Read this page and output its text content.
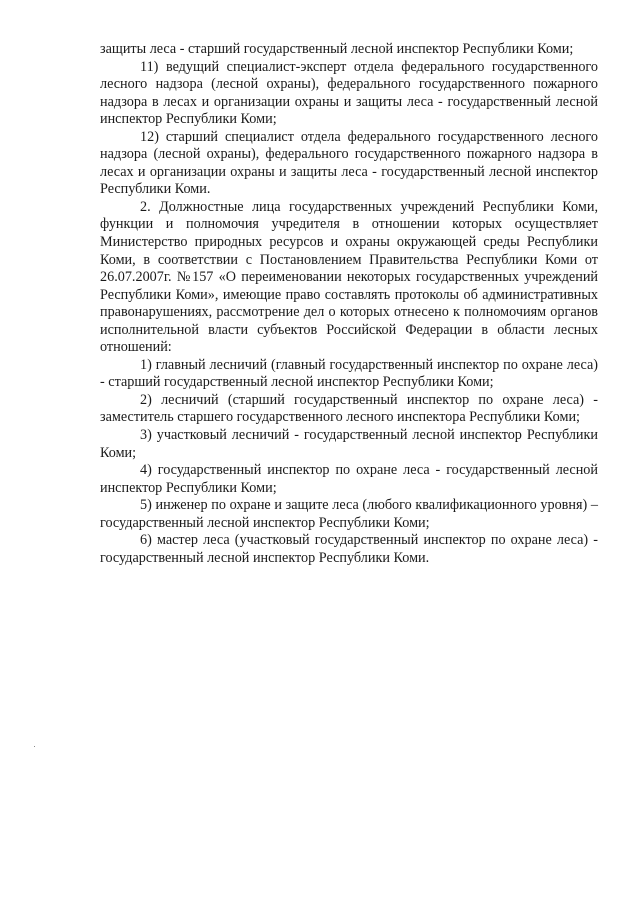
защиты леса - старший государственный лесной инспектор Республики Коми;

11) ведущий специалист-эксперт отдела федерального государственного лесного надзора (лесной охраны), федерального государственного пожарного надзора в лесах и организации охраны и защиты леса - государственный лесной инспектор Республики Коми;

12) старший специалист отдела федерального государственного лесного надзора (лесной охраны), федерального государственного пожарного надзора в лесах и организации охраны и защиты леса - государственный лесной инспектор Республики Коми.

2. Должностные лица государственных учреждений Республики Коми, функции и полномочия учредителя в отношении которых осуществляет Министерство природных ресурсов и охраны окружающей среды Республики Коми, в соответствии с Постановлением Правительства Республики Коми от 26.07.2007г. №157 «О переименовании некоторых государственных учреждений Республики Коми», имеющие право составлять протоколы об административных правонарушениях, рассмотрение дел о которых отнесено к полномочиям органов исполнительной власти субъектов Российской Федерации в области лесных отношений:

1) главный лесничий (главный государственный инспектор по охране леса) - старший государственный лесной инспектор Республики Коми;

2) лесничий (старший государственный инспектор по охране леса) - заместитель старшего государственного лесного инспектора Республики Коми;

3) участковый лесничий - государственный лесной инспектор Республики Коми;

4) государственный инспектор по охране леса - государственный лесной инспектор Республики Коми;

5) инженер по охране и защите леса (любого квалификационного уровня) – государственный лесной инспектор Республики Коми;

6) мастер леса (участковый государственный инспектор по охране леса) - государственный лесной инспектор Республики Коми.
